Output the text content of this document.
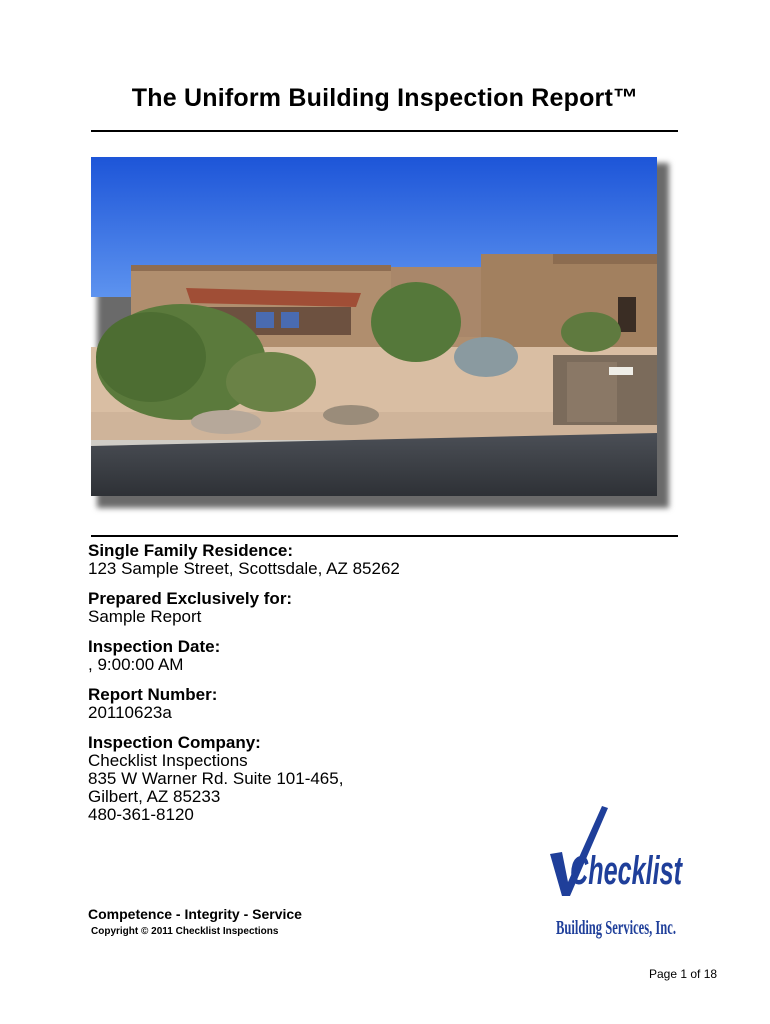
The Uniform Building Inspection Report™
Single Family Residence:
123 Sample Street, Scottsdale, AZ 85262
Prepared Exclusively for:
Sample Report
Inspection Date:
, 9:00:00 AM
Report Number:
20110623a
Inspection Company:
Checklist Inspections
835 W Warner Rd. Suite 101-465,
Gilbert, AZ 85233
480-361-8120
Competence - Integrity - Service
Copyright © 2011 Checklist Inspections
Checklist
Building Services, Inc.
Page 1 of 18
